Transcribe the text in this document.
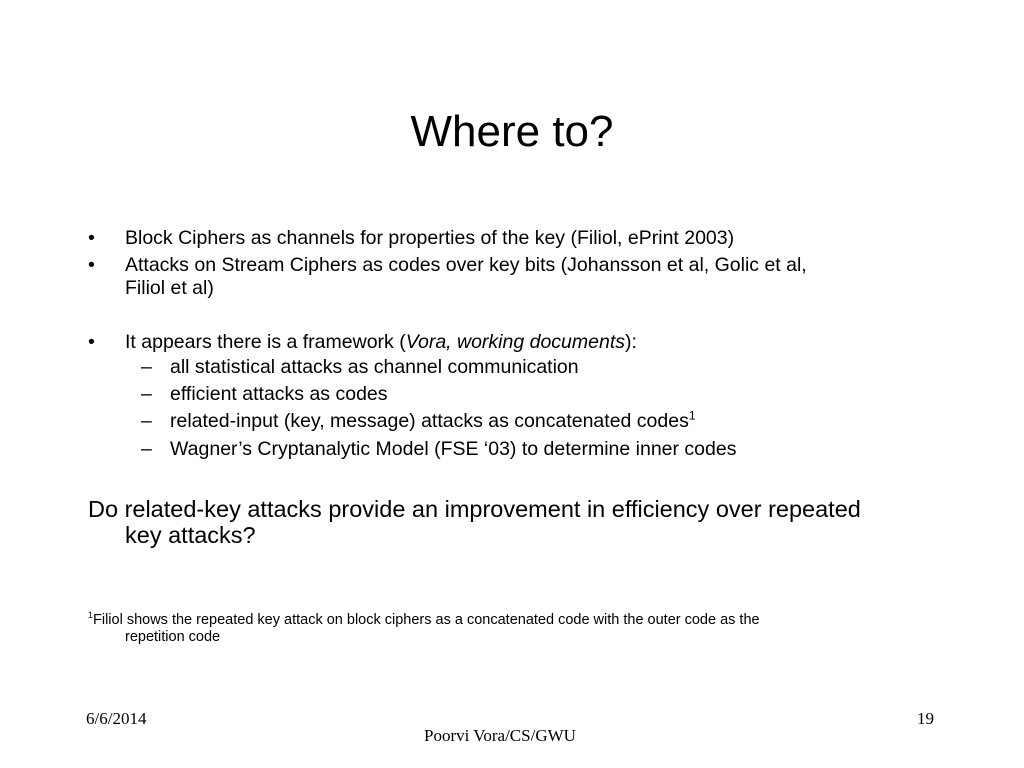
Where to?
• Block Ciphers as channels for properties of the key (Filiol, ePrint 2003)
• Attacks on Stream Ciphers as codes over key bits (Johansson et al, Golic et al,
Filiol et al)
• It appears there is a framework (Vora, working documents):
– all statistical attacks as channel communication
– efficient attacks as codes
– related-input (key, message) attacks as concatenated codes$^1$
– Wagner’s Cryptanalytic Model (FSE ‘03) to determine inner codes
Do related-key attacks provide an improvement in efficiency over repeated
key attacks?
$^1$Filiol shows the repeated key attack on block ciphers as a concatenated code with the outer code as the
repetition code
6/6/2014
Poorvi Vora/CS/GWU
19
